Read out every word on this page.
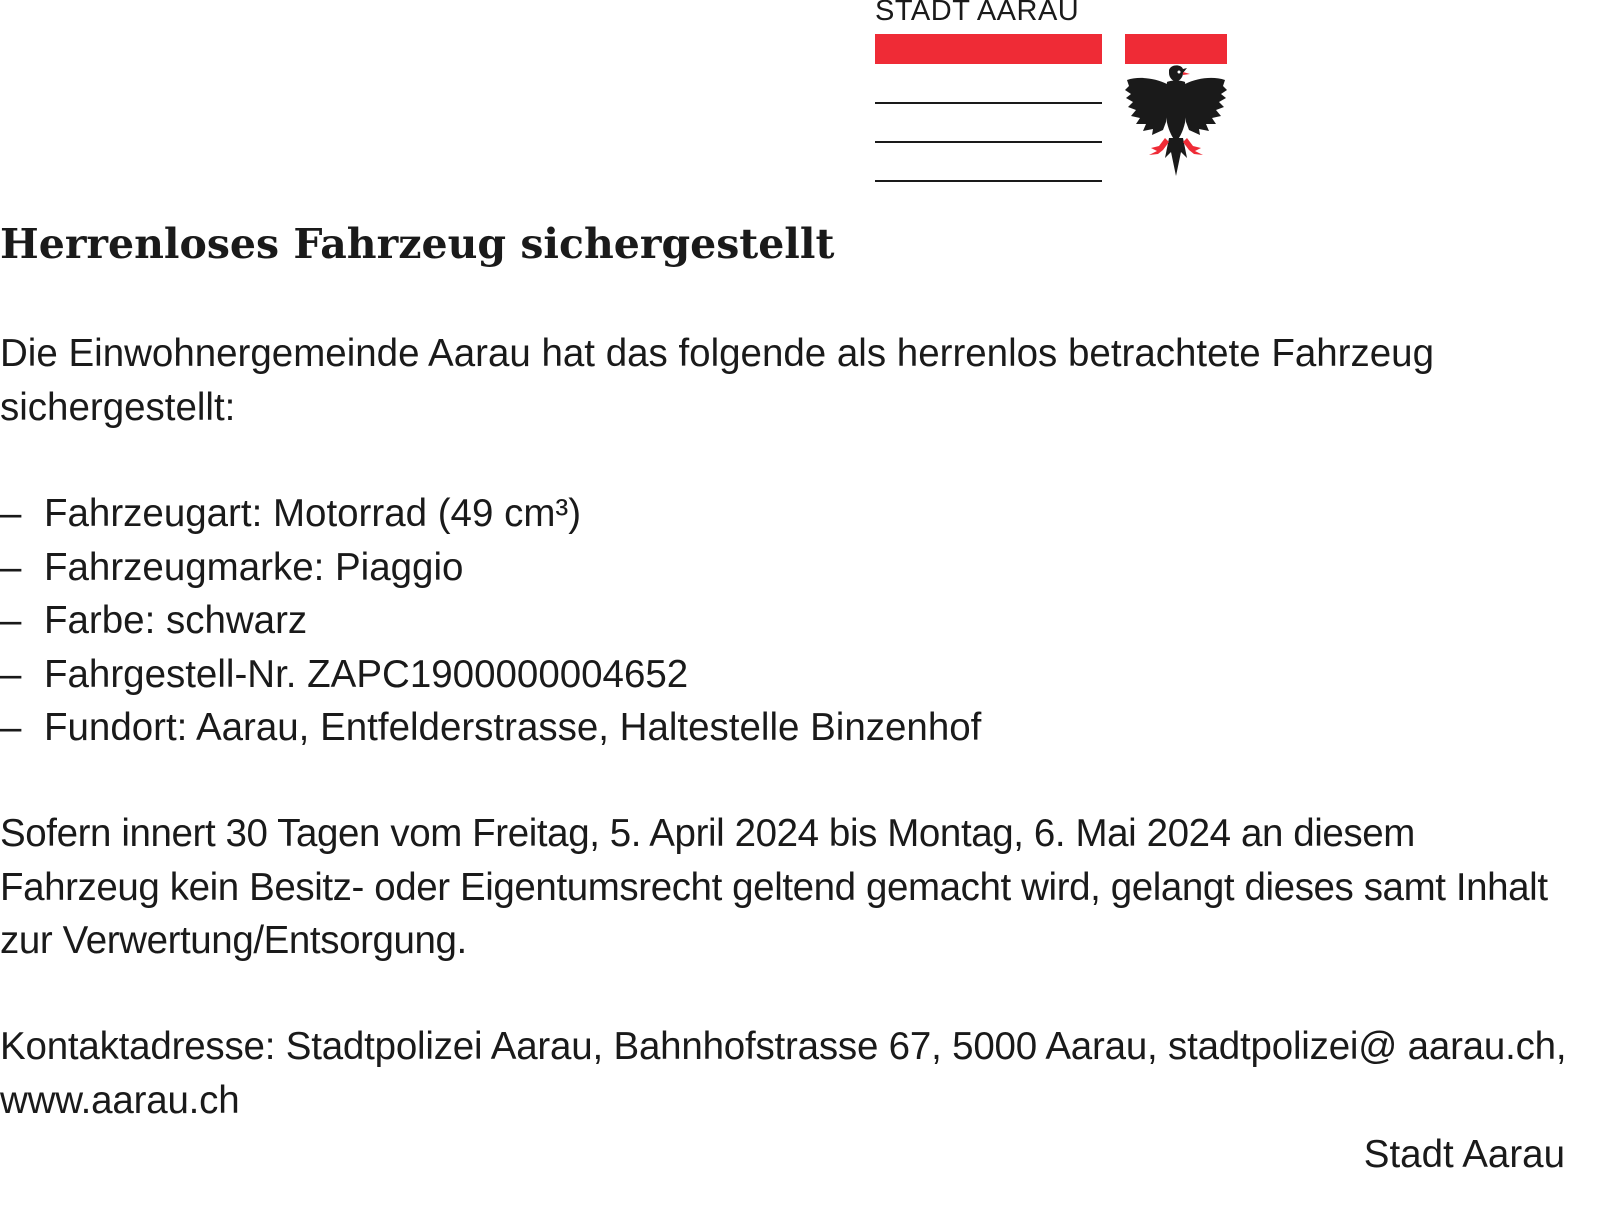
STADT AARAU
Herrenloses Fahrzeug sichergestellt

Die Einwohnergemeinde Aarau hat das folgende als herrenlos betrachtete Fahrzeug sichergestellt:

– Fahrzeugart: Motorrad (49 cm³)
– Fahrzeugmarke: Piaggio
– Farbe: schwarz
– Fahrgestell-Nr. ZAPC1900000004652
– Fundort: Aarau, Entfelderstrasse, Haltestelle Binzenhof

Sofern innert 30 Tagen vom Freitag, 5. April 2024 bis Montag, 6. Mai 2024 an diesem Fahrzeug kein Besitz- oder Eigentumsrecht geltend gemacht wird, gelangt dieses samt Inhalt zur Verwertung/Entsorgung.

Kontaktadresse: Stadtpolizei Aarau, Bahnhofstrasse 67, 5000 Aarau, stadtpolizei@ aarau.ch, www.aarau.ch

Stadt Aarau
